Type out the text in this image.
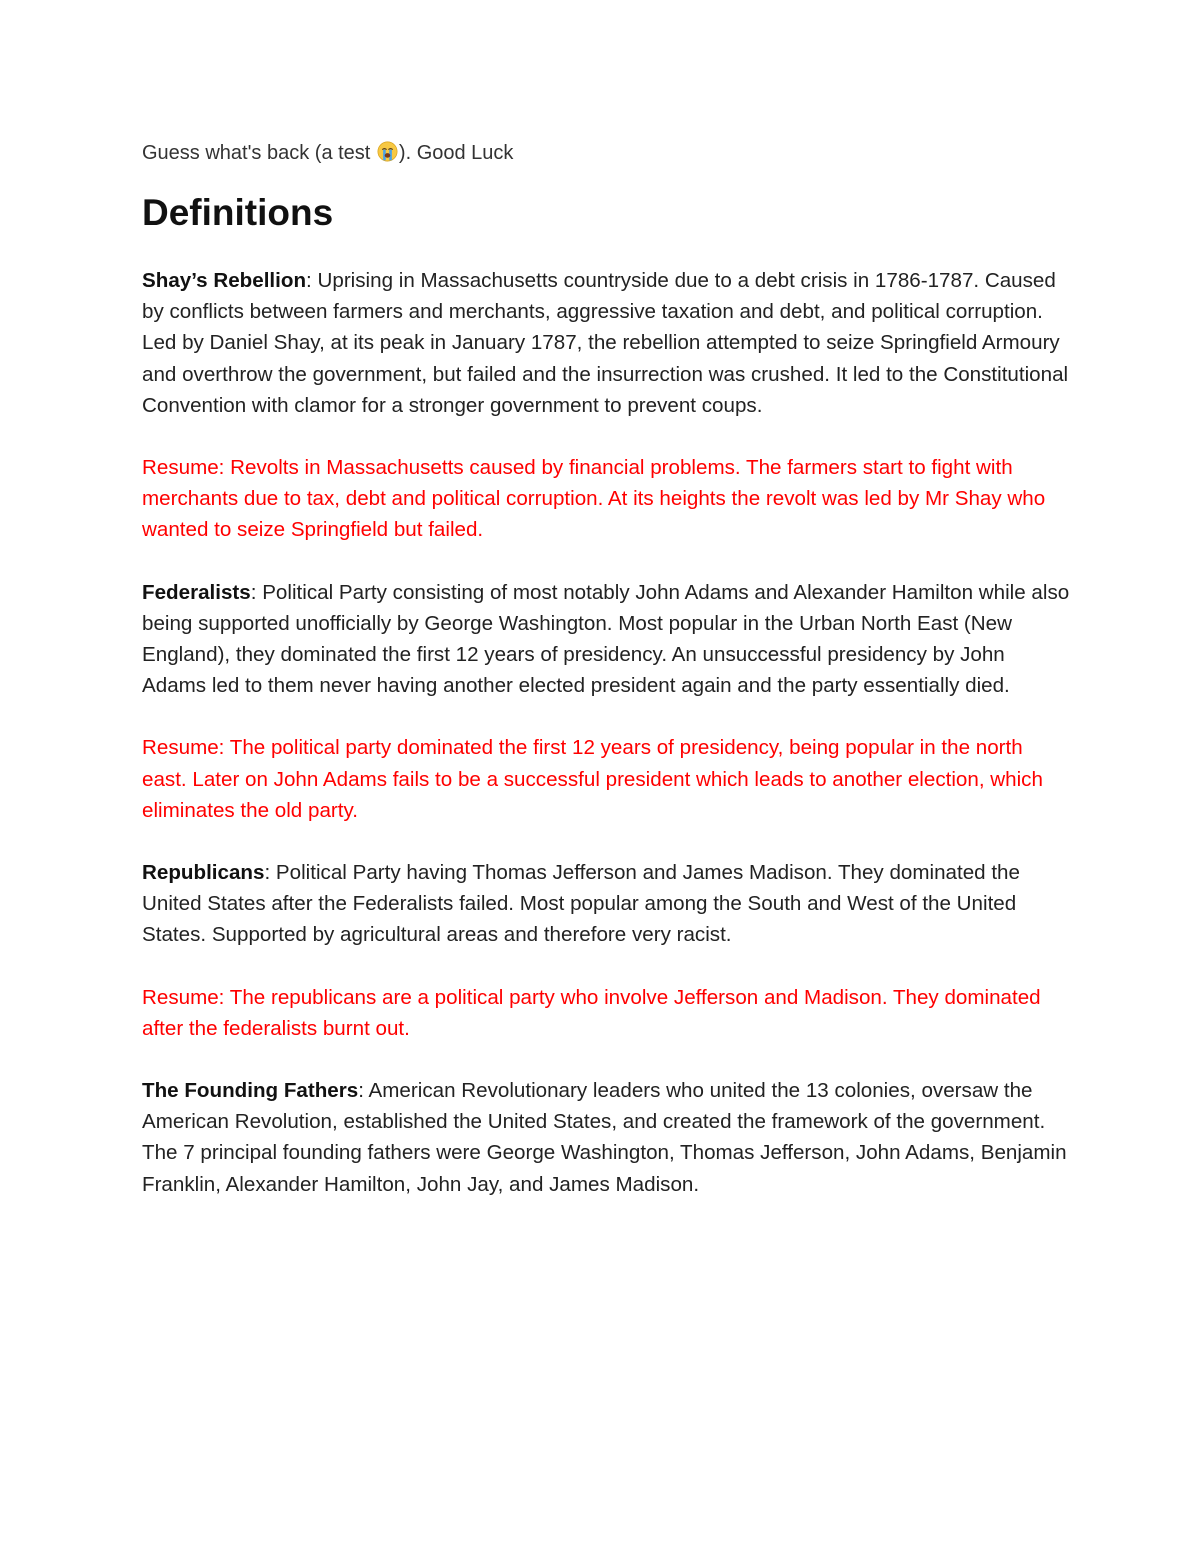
Guess what's back (a test ). Good Luck

Definitions

Shay’s Rebellion: Uprising in Massachusetts countryside due to a debt crisis in 1786-1787. Caused by conflicts between farmers and merchants, aggressive taxation and debt, and political corruption. Led by Daniel Shay, at its peak in January 1787, the rebellion attempted to seize Springfield Armoury and overthrow the government, but failed and the insurrection was crushed. It led to the Constitutional Convention with clamor for a stronger government to prevent coups.

Resume: Revolts in Massachusetts caused by financial problems. The farmers start to fight with merchants due to tax, debt and political corruption. At its heights the revolt was led by Mr Shay who wanted to seize Springfield but failed.

Federalists: Political Party consisting of most notably John Adams and Alexander Hamilton while also being supported unofficially by George Washington. Most popular in the Urban North East (New England), they dominated the first 12 years of presidency. An unsuccessful presidency by John Adams led to them never having another elected president again and the party essentially died.

Resume: The political party dominated the first 12 years of presidency, being popular in the north east. Later on John Adams fails to be a successful president which leads to another election, which eliminates the old party.

Republicans: Political Party having Thomas Jefferson and James Madison. They dominated the United States after the Federalists failed. Most popular among the South and West of the United States. Supported by agricultural areas and therefore very racist.

Resume: The republicans are a political party who involve Jefferson and Madison. They dominated after the federalists burnt out.

The Founding Fathers: American Revolutionary leaders who united the 13 colonies, oversaw the American Revolution, established the United States, and created the framework of the government. The 7 principal founding fathers were George Washington, Thomas Jefferson, John Adams, Benjamin Franklin, Alexander Hamilton, John Jay, and James Madison.
